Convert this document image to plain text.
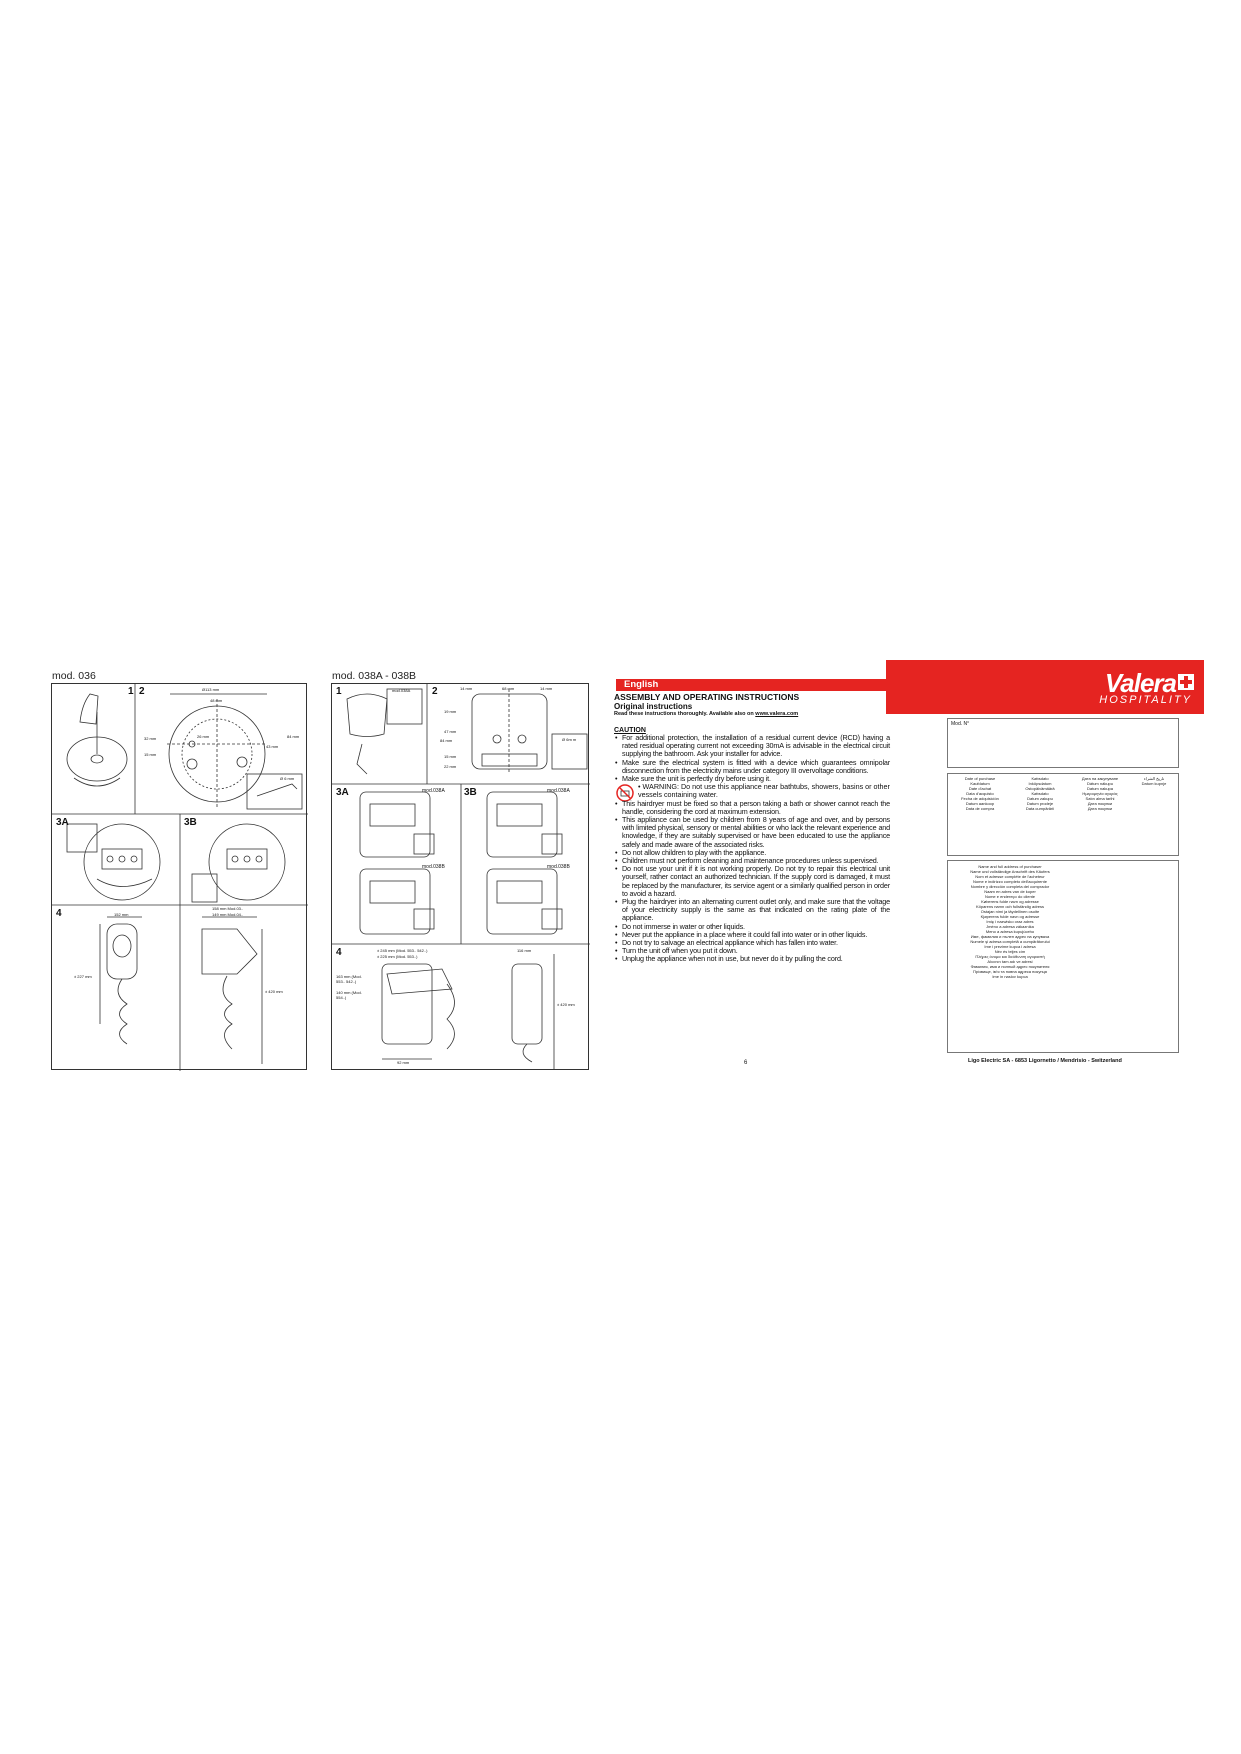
mod. 036
1 2
3A	3B
4
Ø113 mm
48 mm
32 mm
15 mm
26 mm	84 mm
43 mm
Ø 6 mm
152 mm
158 mm Mod.03..
149 mm Mod.04..
± 227 mm
± 420 mm
mod. 038A - 038B
1	2
3A	3B
4
mod.038A
mod.038A	mod.038A
mod.038B	mod.038B
14 mm	68 mm	14 mm
19 mm
47 mm
84 mm
15 mm
22 mm
Ø 6m m
± 245 mm (Mod. 553.. 542..)
± 225 mm (Mod. 553..)
163 mm (Mod. 553.. 542..)
140 mm (Mod. 554..)
92 mm
116 mm
± 420 mm
English
ASSEMBLY AND OPERATING INSTRUCTIONS
Original instructions
Read these instructions thoroughly. Available also on www.valera.com
CAUTION
• For additional protection, the installation of a residual current device (RCD) having a rated residual operating current not exceeding 30mA is advisable in the electrical circuit supplying the bathroom. Ask your installer for advice.
• Make sure the electrical system is fitted with a device which guarantees omnipolar disconnection from the electricity mains under category III overvoltage conditions.
• Make sure the unit is perfectly dry before using it.
• WARNING: Do not use this appliance near bathtubs, showers, basins or other vessels containing water.
• This hairdryer must be fixed so that a person taking a bath or shower cannot reach the handle, considering the cord at maximum extension.
• This appliance can be used by children from 8 years of age and over, and by persons with limited physical, sensory or mental abilities or who lack the relevant experience and knowledge, if they are suitably supervised or have been educated to use the appliance safely and made aware of the associated risks.
• Do not allow children to play with the appliance.
• Children must not perform cleaning and maintenance procedures unless supervised.
• Do not use your unit if it is not working properly. Do not try to repair this electrical unit yourself, rather contact an authorized technician. If the supply cord is damaged, it must be replaced by the manufacturer, its service agent or a similarly qualified person in order to avoid a hazard.
• Plug the hairdryer into an alternating current outlet only, and make sure that the voltage of your electricity supply is the same as that indicated on the rating plate of the appliance.
• Do not immerse in water or other liquids.
• Never put the appliance in a place where it could fall into water or in other liquids.
• Do not try to salvage an electrical appliance which has fallen into water.
• Turn the unit off when you put it down.
• Unplug the appliance when not in use, but never do it by pulling the cord.
6
Valera
HOSPITALITY
Mod. N°
Date of purchase
Kaufdatum
Date d'achat
Data d'acquisto
Fecha de adquisición
Datum aankoop
Data de compra
Købsdato
Inköpsdatum
Ostopäivämäärä
Købsdato
Datum zakupu
Datum prodeje
Data cumpărării
Дата на закупуване
Dátum nákupu
Datum nakupa
Ημερομηνία αγοράς
Satın alma tarihi
Дата покупки
Дата покупки
تاريخ الشراء
Datum kupnje
Name and full address of purchaser
Name und vollständige Anschrift des Käufers
Nom et adresse complète de l'acheteur
Nome e indirizzo completo dell'acquirente
Nombre y dirección completa del comprador
Naam en adres van de koper
Nome e endereço do cliente
Køberens fulde navn og adresse
Köparens namn och fullständig adress
Ostajan nimi ja täydellinen osoite
Kjøperens fulde navn og adresse
Imię i nazwisko oraz adres
Jméno a adresa zákazníka
Meno a adresa kupujúceho
Име, фамилия и пълен адрес на купувача
Numele şi adresa completă a cumpărătorului
Ime i prezime kupca i adresa
Név és teljes cím
Πλήρες όνομα και διεύθυνση αγοραστή
Alıcının tam adı ve adresi
Фамилия, имя и полный адрес покупателя
Прізвище, ім'я та повна адреса покупця
Ime in naslov kupca
Ligo Electric SA - 6853 Ligornetto / Mendrisio - Switzerland
